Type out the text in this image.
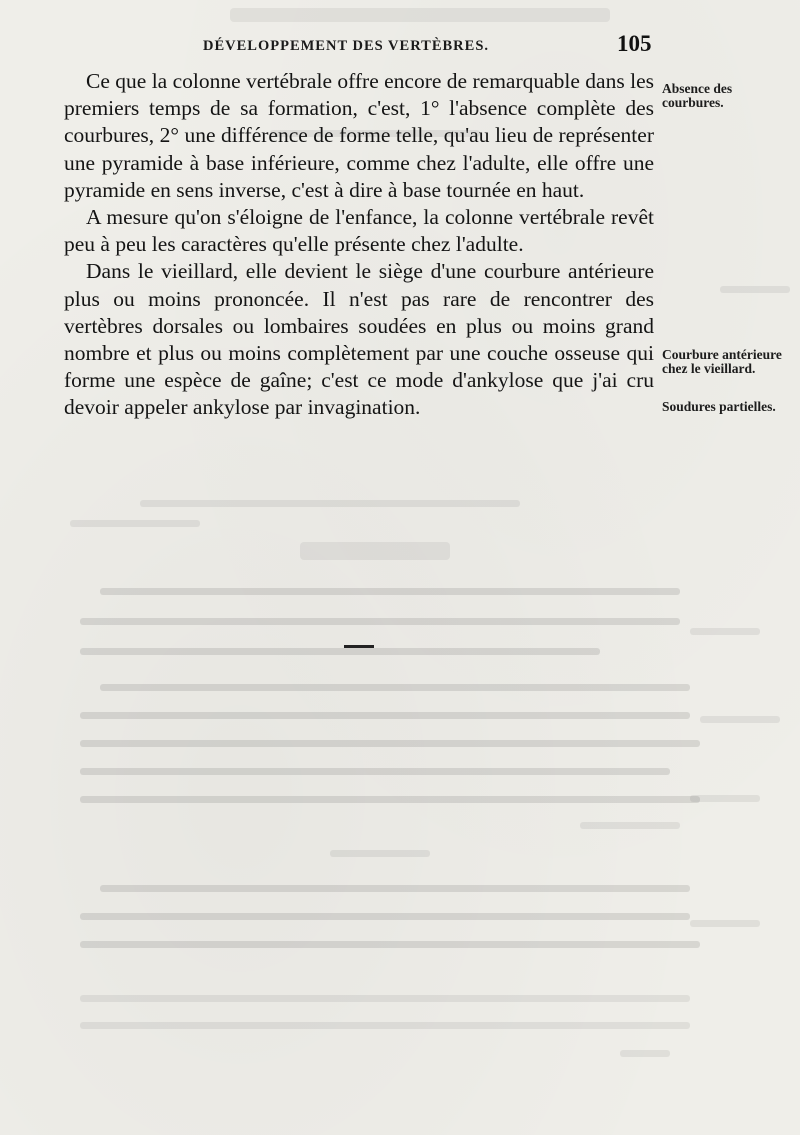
DÉVELOPPEMENT DES VERTÈBRES.	105

Ce que la colonne vertébrale offre encore de remarquable dans les premiers temps de sa formation, c'est, 1° l'absence complète des courbures, 2° une différence de forme telle, qu'au lieu de représenter une pyramide à base inférieure, comme chez l'adulte, elle offre une pyramide en sens inverse, c'est à dire à base tournée en haut.

A mesure qu'on s'éloigne de l'enfance, la colonne vertébrale revêt peu à peu les caractères qu'elle présente chez l'adulte.

Dans le vieillard, elle devient le siège d'une courbure antérieure plus ou moins prononcée. Il n'est pas rare de rencontrer des vertèbres dorsales ou lombaires soudées en plus ou moins grand nombre et plus ou moins complètement par une couche osseuse qui forme une espèce de gaîne; c'est ce mode d'ankylose que j'ai cru devoir appeler ankylose par invagination.

Absence des courbures.
Courbure antérieure chez le vieillard.
Soudures partielles.
